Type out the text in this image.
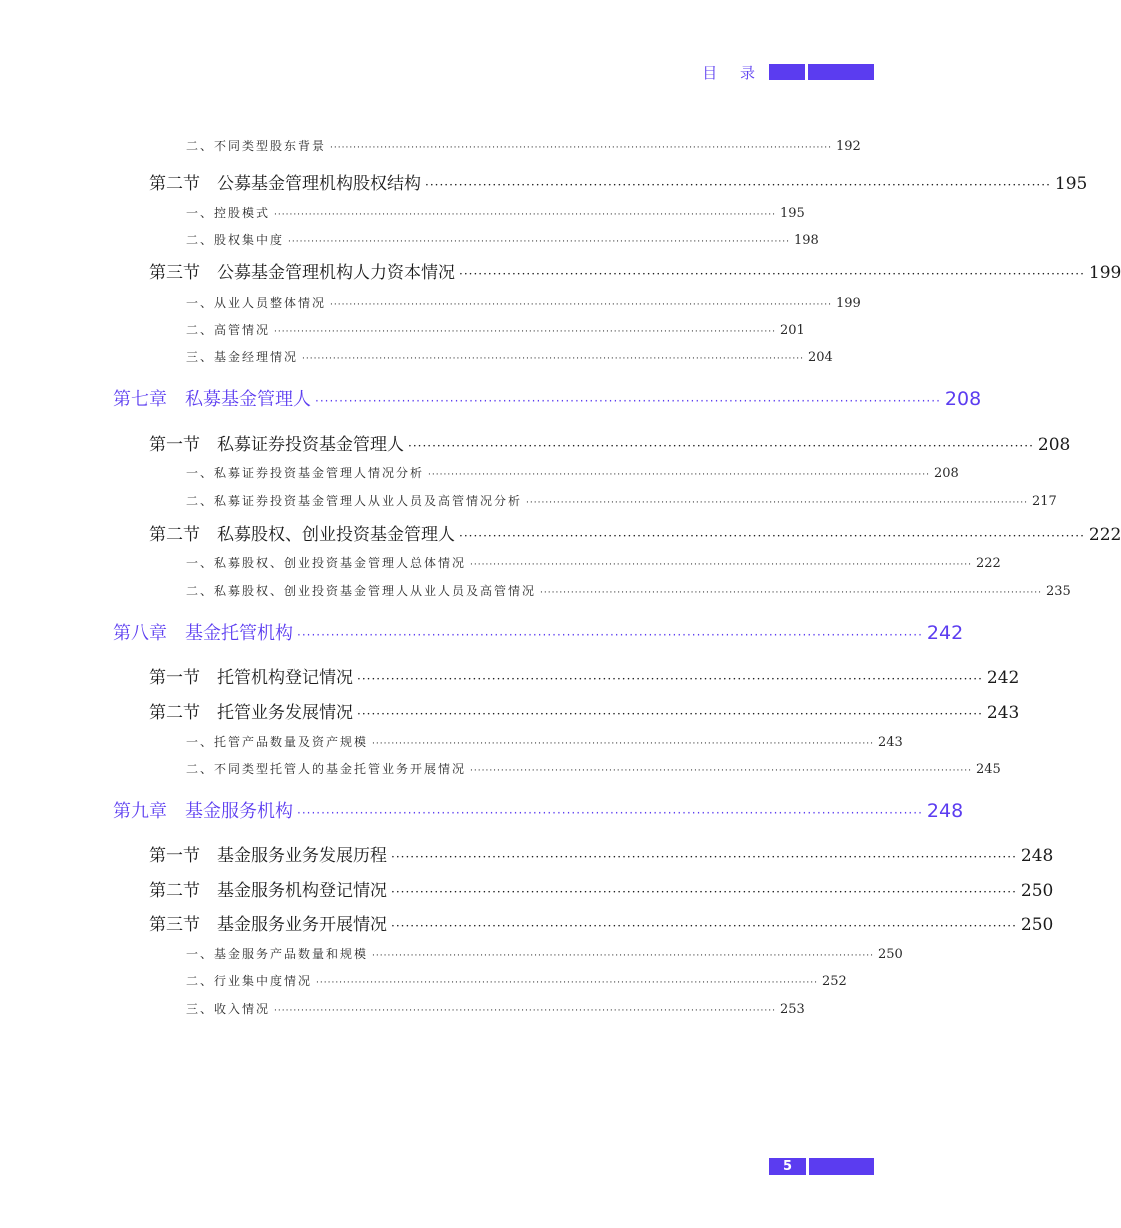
目 录
二、不同类型股东背景 ·································································································································· 192
第二节　公募基金管理机构股权结构 ·································································································································· 195
一、控股模式 ·································································································································· 195
二、股权集中度 ·································································································································· 198
第三节　公募基金管理机构人力资本情况 ·································································································································· 199
一、从业人员整体情况 ·································································································································· 199
二、高管情况 ·································································································································· 201
三、基金经理情况 ·································································································································· 204
第七章　私募基金管理人 ·································································································································· 208
第一节　私募证券投资基金管理人 ·································································································································· 208
一、私募证券投资基金管理人情况分析 ·································································································································· 208
二、私募证券投资基金管理人从业人员及高管情况分析 ·································································································································· 217
第二节　私募股权、创业投资基金管理人 ·································································································································· 222
一、私募股权、创业投资基金管理人总体情况 ·································································································································· 222
二、私募股权、创业投资基金管理人从业人员及高管情况 ·································································································································· 235
第八章　基金托管机构 ·································································································································· 242
第一节　托管机构登记情况 ·································································································································· 242
第二节　托管业务发展情况 ·································································································································· 243
一、托管产品数量及资产规模 ·································································································································· 243
二、不同类型托管人的基金托管业务开展情况 ·································································································································· 245
第九章　基金服务机构 ·································································································································· 248
第一节　基金服务业务发展历程 ·································································································································· 248
第二节　基金服务机构登记情况 ·································································································································· 250
第三节　基金服务业务开展情况 ·································································································································· 250
一、基金服务产品数量和规模 ·································································································································· 250
二、行业集中度情况 ·································································································································· 252
三、收入情况 ·································································································································· 253
5
